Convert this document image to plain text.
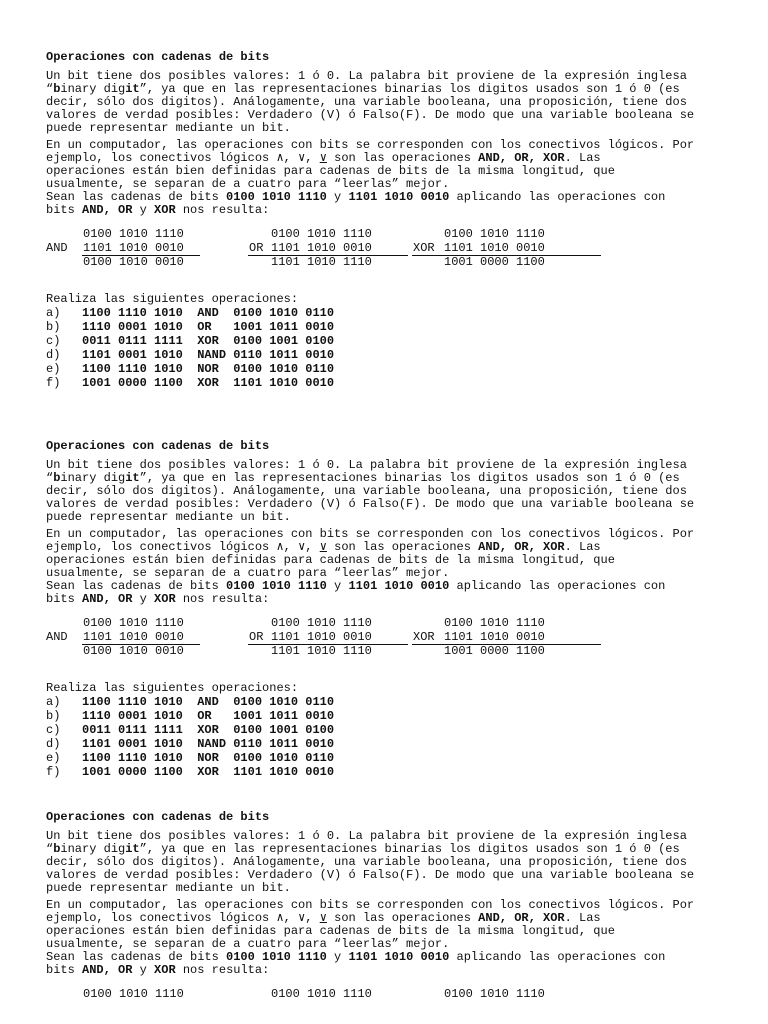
Operaciones con cadenas de bits

Un bit tiene dos posibles valores: 1 ó 0. La palabra bit proviene de la expresión inglesa
“binary digit”, ya que en las representaciones binarias los digitos usados son 1 ó 0 (es
decir, sólo dos digitos). Análogamente, una variable booleana, una proposición, tiene dos
valores de verdad posibles: Verdadero (V) ó Falso(F). De modo que una variable booleana se
puede representar mediante un bit.

En un computador, las operaciones con bits se corresponden con los conectivos lógicos. Por
ejemplo, los conectivos lógicos ∧, ∨, ∨ son las operaciones AND, OR, XOR. Las
operaciones están bien definidas para cadenas de bits de la misma longitud, que
usualmente, se separan de a cuatro para “leerlas” mejor.
Sean las cadenas de bits 0100 1010 1110 y 1101 1010 0010 aplicando las operaciones con
bits AND, OR y XOR nos resulta:

0100 1010 1110
AND 1101 1010 0010
0100 1010 0010
0100 1010 1110
OR 1101 1010 0010
1101 1010 1110
0100 1010 1110
XOR 1101 1010 0010
1001 0000 1100
Realiza las siguientes operaciones:
a) 1100 1110 1010  AND  0100 1010 0110
b) 1110 0001 1010  OR   1001 1011 0010
c) 0011 0111 1111  XOR  0100 1001 0100
d) 1101 0001 1010  NAND 0110 1011 0010
e) 1100 1110 1010  NOR  0100 1010 0110
f) 1001 0000 1100  XOR  1101 1010 0010
Operaciones con cadenas de bits

Un bit tiene dos posibles valores: 1 ó 0. La palabra bit proviene de la expresión inglesa
“binary digit”, ya que en las representaciones binarias los digitos usados son 1 ó 0 (es
decir, sólo dos digitos). Análogamente, una variable booleana, una proposición, tiene dos
valores de verdad posibles: Verdadero (V) ó Falso(F). De modo que una variable booleana se
puede representar mediante un bit.

En un computador, las operaciones con bits se corresponden con los conectivos lógicos. Por
ejemplo, los conectivos lógicos ∧, ∨, ∨ son las operaciones AND, OR, XOR. Las
operaciones están bien definidas para cadenas de bits de la misma longitud, que
usualmente, se separan de a cuatro para “leerlas” mejor.
Sean las cadenas de bits 0100 1010 1110 y 1101 1010 0010 aplicando las operaciones con
bits AND, OR y XOR nos resulta:

0100 1010 1110
AND 1101 1010 0010
0100 1010 0010
0100 1010 1110
OR 1101 1010 0010
1101 1010 1110
0100 1010 1110
XOR 1101 1010 0010
1001 0000 1100
Realiza las siguientes operaciones:
a) 1100 1110 1010  AND  0100 1010 0110
b) 1110 0001 1010  OR   1001 1011 0010
c) 0011 0111 1111  XOR  0100 1001 0100
d) 1101 0001 1010  NAND 0110 1011 0010
e) 1100 1110 1010  NOR  0100 1010 0110
f) 1001 0000 1100  XOR  1101 1010 0010
Operaciones con cadenas de bits

Un bit tiene dos posibles valores: 1 ó 0. La palabra bit proviene de la expresión inglesa
“binary digit”, ya que en las representaciones binarias los digitos usados son 1 ó 0 (es
decir, sólo dos digitos). Análogamente, una variable booleana, una proposición, tiene dos
valores de verdad posibles: Verdadero (V) ó Falso(F). De modo que una variable booleana se
puede representar mediante un bit.

En un computador, las operaciones con bits se corresponden con los conectivos lógicos. Por
ejemplo, los conectivos lógicos ∧, ∨, ∨ son las operaciones AND, OR, XOR. Las
operaciones están bien definidas para cadenas de bits de la misma longitud, que
usualmente, se separan de a cuatro para “leerlas” mejor.
Sean las cadenas de bits 0100 1010 1110 y 1101 1010 0010 aplicando las operaciones con
bits AND, OR y XOR nos resulta:

0100 1010 1110	0100 1010 1110	0100 1010 1110
